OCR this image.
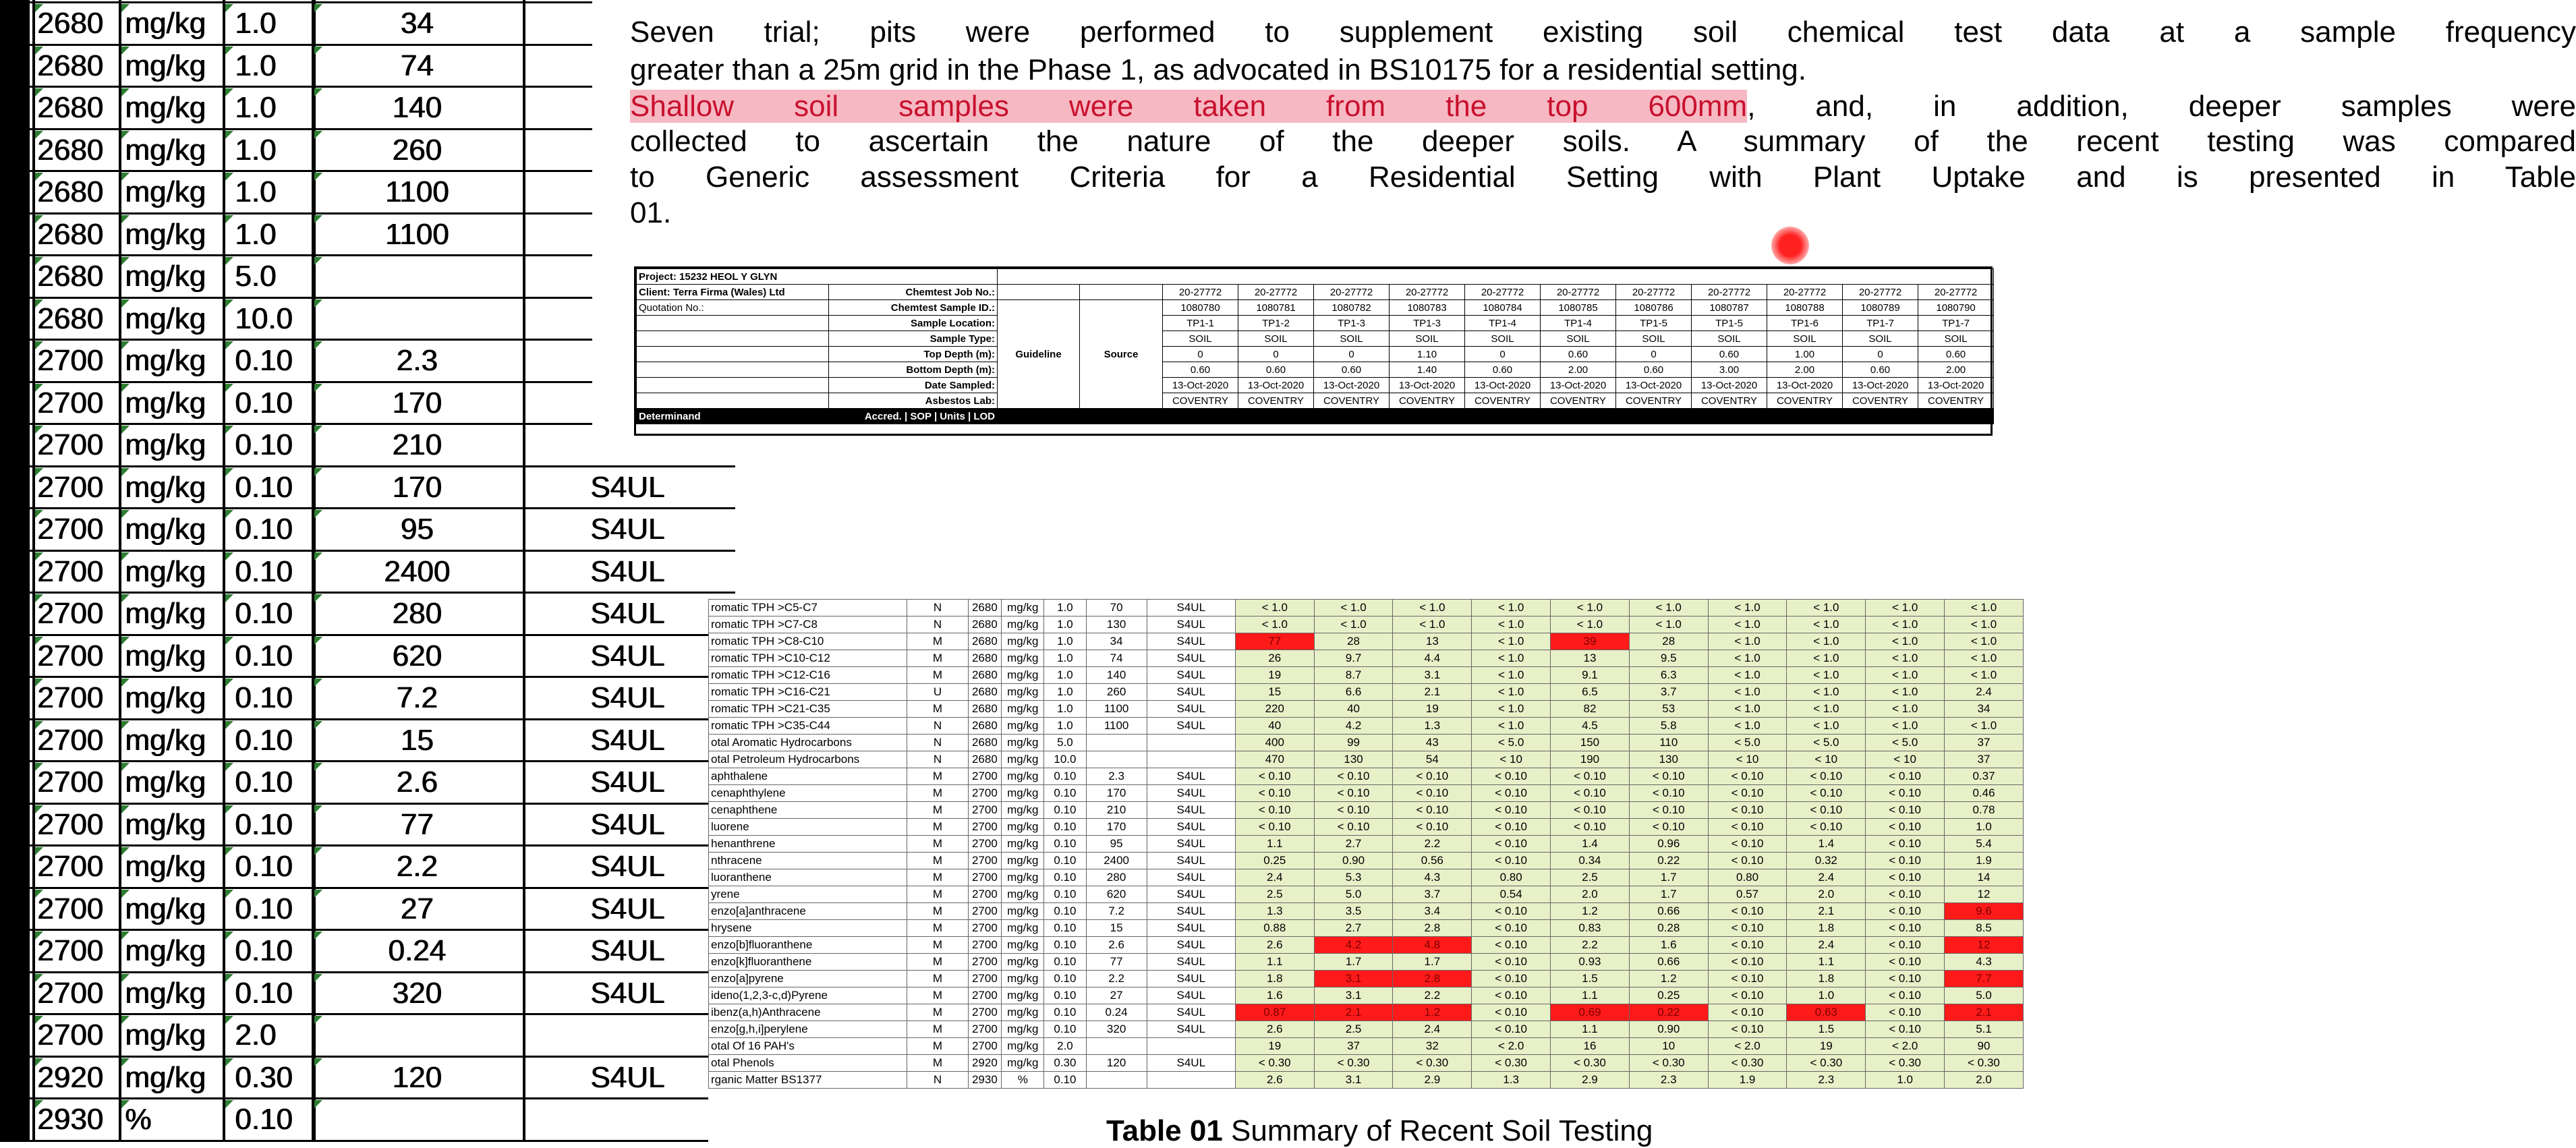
2680 mg/kg 1.0	34
2680 mg/kg 1.0	74
2680 mg/kg 1.0	140
2680 mg/kg 1.0	260
2680 mg/kg 1.0	1100
2680 mg/kg 1.0	1100
2680 mg/kg 5.0
2680 mg/kg 10.0
2700 mg/kg 0.10	2.3
2700 mg/kg 0.10	170
2700 mg/kg 0.10	210
2700 mg/kg 0.10	170	S4UL
2700 mg/kg 0.10	95	S4UL
2700 mg/kg 0.10	2400	S4UL
2700 mg/kg 0.10	280	S4UL
2700 mg/kg 0.10	620	S4UL
2700 mg/kg 0.10	7.2	S4UL
2700 mg/kg 0.10	15	S4UL
2700 mg/kg 0.10	2.6	S4UL
2700 mg/kg 0.10	77	S4UL
2700 mg/kg 0.10	2.2	S4UL
2700 mg/kg 0.10	27	S4UL
2700 mg/kg 0.10	0.24	S4UL
2700 mg/kg 0.10	320	S4UL
2700 mg/kg 2.0
2920 mg/kg 0.30	120	S4UL
2930 %	0.10
Seven trial; pits were performed to supplement existing soil chemical test data at a sample frequency
greater than a 25m grid in the Phase 1, as advocated in BS10175 for a residential setting.
Shallow soil samples were taken from the top 600mm, and, in addition, deeper samples were
collected to ascertain the nature of the deeper soils. A summary of the recent testing was compared
to Generic assessment Criteria for a Residential Setting with Plant Uptake and is presented in Table
01.
Project: 15232 HEOL Y GLYN														
Client: Terra Firma (Wales) Ltd	Chemtest Job No.:			20-27772	20-27772	20-27772	20-27772	20-27772	20-27772	20-27772	20-27772	20-27772	20-27772	20-27772
Quotation No.:	Chemtest Sample ID.:	Guideline	Source	1080780	1080781	1080782	1080783	1080784	1080785	1080786	1080787	1080788	1080789	1080790
	Sample Location:			TP1-1	TP1-2	TP1-3	TP1-3	TP1-4	TP1-4	TP1-5	TP1-5	TP1-6	TP1-7	TP1-7
	Sample Type:			SOIL	SOIL	SOIL	SOIL	SOIL	SOIL	SOIL	SOIL	SOIL	SOIL	SOIL
	Top Depth (m):			0	0	0	1.10	0	0.60	0	0.60	1.00	0	0.60
	Bottom Depth (m):			0.60	0.60	0.60	1.40	0.60	2.00	0.60	3.00	2.00	0.60	2.00
	Date Sampled:			13-Oct-2020	13-Oct-2020	13-Oct-2020	13-Oct-2020	13-Oct-2020	13-Oct-2020	13-Oct-2020	13-Oct-2020	13-Oct-2020	13-Oct-2020	13-Oct-2020
	Asbestos Lab:			COVENTRY	COVENTRY	COVENTRY	COVENTRY	COVENTRY	COVENTRY	COVENTRY	COVENTRY	COVENTRY	COVENTRY	COVENTRY
Determinand	Accred. | SOP | Units | LOD													
romatic TPH >C5-C7	N	2680	mg/kg	1.0	70	S4UL	< 1.0	< 1.0	< 1.0	< 1.0	< 1.0	< 1.0	< 1.0	< 1.0	< 1.0	< 1.0
romatic TPH >C7-C8	N	2680	mg/kg	1.0	130	S4UL	< 1.0	< 1.0	< 1.0	< 1.0	< 1.0	< 1.0	< 1.0	< 1.0	< 1.0	< 1.0
romatic TPH >C8-C10	M	2680	mg/kg	1.0	34	S4UL	77	28	13	< 1.0	39	28	< 1.0	< 1.0	< 1.0	< 1.0
romatic TPH >C10-C12	M	2680	mg/kg	1.0	74	S4UL	26	9.7	4.4	< 1.0	13	9.5	< 1.0	< 1.0	< 1.0	< 1.0
romatic TPH >C12-C16	M	2680	mg/kg	1.0	140	S4UL	19	8.7	3.1	< 1.0	9.1	6.3	< 1.0	< 1.0	< 1.0	< 1.0
romatic TPH >C16-C21	U	2680	mg/kg	1.0	260	S4UL	15	6.6	2.1	< 1.0	6.5	3.7	< 1.0	< 1.0	< 1.0	2.4
romatic TPH >C21-C35	M	2680	mg/kg	1.0	1100	S4UL	220	40	19	< 1.0	82	53	< 1.0	< 1.0	< 1.0	34
romatic TPH >C35-C44	N	2680	mg/kg	1.0	1100	S4UL	40	4.2	1.3	< 1.0	4.5	5.8	< 1.0	< 1.0	< 1.0	< 1.0
otal Aromatic Hydrocarbons	N	2680	mg/kg	5.0			400	99	43	< 5.0	150	110	< 5.0	< 5.0	< 5.0	37
otal Petroleum Hydrocarbons	N	2680	mg/kg	10.0			470	130	54	< 10	190	130	< 10	< 10	< 10	37
aphthalene	M	2700	mg/kg	0.10	2.3	S4UL	< 0.10	< 0.10	< 0.10	< 0.10	< 0.10	< 0.10	< 0.10	< 0.10	< 0.10	0.37
cenaphthylene	M	2700	mg/kg	0.10	170	S4UL	< 0.10	< 0.10	< 0.10	< 0.10	< 0.10	< 0.10	< 0.10	< 0.10	< 0.10	0.46
cenaphthene	M	2700	mg/kg	0.10	210	S4UL	< 0.10	< 0.10	< 0.10	< 0.10	< 0.10	< 0.10	< 0.10	< 0.10	< 0.10	0.78
luorene	M	2700	mg/kg	0.10	170	S4UL	< 0.10	< 0.10	< 0.10	< 0.10	< 0.10	< 0.10	< 0.10	< 0.10	< 0.10	1.0
henanthrene	M	2700	mg/kg	0.10	95	S4UL	1.1	2.7	2.2	< 0.10	1.4	0.96	< 0.10	1.4	< 0.10	5.4
nthracene	M	2700	mg/kg	0.10	2400	S4UL	0.25	0.90	0.56	< 0.10	0.34	0.22	< 0.10	0.32	< 0.10	1.9
luoranthene	M	2700	mg/kg	0.10	280	S4UL	2.4	5.3	4.3	0.80	2.5	1.7	0.80	2.4	< 0.10	14
yrene	M	2700	mg/kg	0.10	620	S4UL	2.5	5.0	3.7	0.54	2.0	1.7	0.57	2.0	< 0.10	12
enzo[a]anthracene	M	2700	mg/kg	0.10	7.2	S4UL	1.3	3.5	3.4	< 0.10	1.2	0.66	< 0.10	2.1	< 0.10	9.6
hrysene	M	2700	mg/kg	0.10	15	S4UL	0.88	2.7	2.8	< 0.10	0.83	0.28	< 0.10	1.8	< 0.10	8.5
enzo[b]fluoranthene	M	2700	mg/kg	0.10	2.6	S4UL	2.6	4.2	4.8	< 0.10	2.2	1.6	< 0.10	2.4	< 0.10	12
enzo[k]fluoranthene	M	2700	mg/kg	0.10	77	S4UL	1.1	1.7	1.7	< 0.10	0.93	0.66	< 0.10	1.1	< 0.10	4.3
enzo[a]pyrene	M	2700	mg/kg	0.10	2.2	S4UL	1.8	3.1	2.8	< 0.10	1.5	1.2	< 0.10	1.8	< 0.10	7.7
ideno(1,2,3-c,d)Pyrene	M	2700	mg/kg	0.10	27	S4UL	1.6	3.1	2.2	< 0.10	1.1	0.25	< 0.10	1.0	< 0.10	5.0
ibenz(a,h)Anthracene	M	2700	mg/kg	0.10	0.24	S4UL	0.87	2.1	1.2	< 0.10	0.69	0.22	< 0.10	0.63	< 0.10	2.1
enzo[g,h,i]perylene	M	2700	mg/kg	0.10	320	S4UL	2.6	2.5	2.4	< 0.10	1.1	0.90	< 0.10	1.5	< 0.10	5.1
otal Of 16 PAH's	M	2700	mg/kg	2.0			19	37	32	< 2.0	16	10	< 2.0	19	< 2.0	90
otal Phenols	M	2920	mg/kg	0.30	120	S4UL	< 0.30	< 0.30	< 0.30	< 0.30	< 0.30	< 0.30	< 0.30	< 0.30	< 0.30	< 0.30
rganic Matter BS1377	N	2930	%	0.10			2.6	3.1	2.9	1.3	2.9	2.3	1.9	2.3	1.0	2.0
Table 01 Summary of Recent Soil Testing
